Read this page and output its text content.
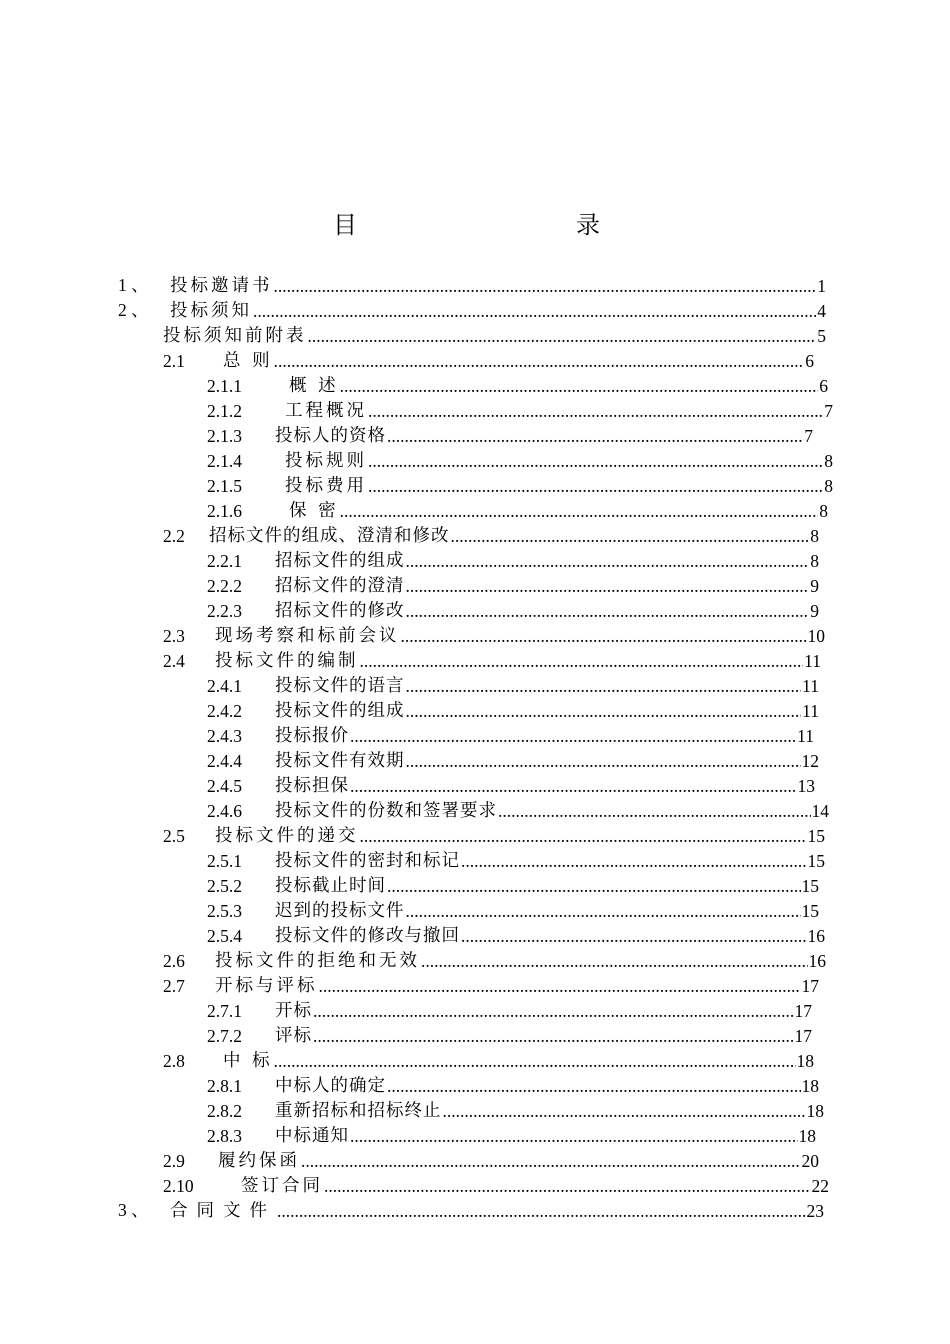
目	录
1 、	投标邀请书 .....	1
2 、	投标须知 .....	4
投标须知前附表 .....	5
2.1	总 则 .....	6
2.1.1	概 述 .....	6
2.1.2	工程概况 .....	7
2.1.3	投标人的资格 .....	7
2.1.4	投标规则 .....	8
2.1.5	投标费用 .....	8
2.1.6	保 密 .....	8
2.2	招标文件的组成、澄清和修改 .....	8
2.2.1	招标文件的组成 .....	8
2.2.2	招标文件的澄清 .....	9
2.2.3	招标文件的修改 .....	9
2.3	现场考察和标前会议 .....	10
2.4	投标文件的编制 .....	11
2.4.1	投标文件的语言 .....	11
2.4.2	投标文件的组成 .....	11
2.4.3	投标报价 .....	11
2.4.4	投标文件有效期 .....	12
2.4.5	投标担保 .....	13
2.4.6	投标文件的份数和签署要求 .....	14
2.5	投标文件的递交 .....	15
2.5.1	投标文件的密封和标记 .....	15
2.5.2	投标截止时间 .....	15
2.5.3	迟到的投标文件 .....	15
2.5.4	投标文件的修改与撤回 .....	16
2.6	投标文件的拒绝和无效 .....	16
2.7	开标与评标 .....	17
2.7.1	开标 .....	17
2.7.2	评标 .....	17
2.8	中 标 .....	18
2.8.1	中标人的确定 .....	18
2.8.2	重新招标和招标终止 .....	18
2.8.3	中标通知 .....	18
2.9	履约保函 .....	20
2.10	签订合同 .....	22
3 、	合同文件 .....	23
